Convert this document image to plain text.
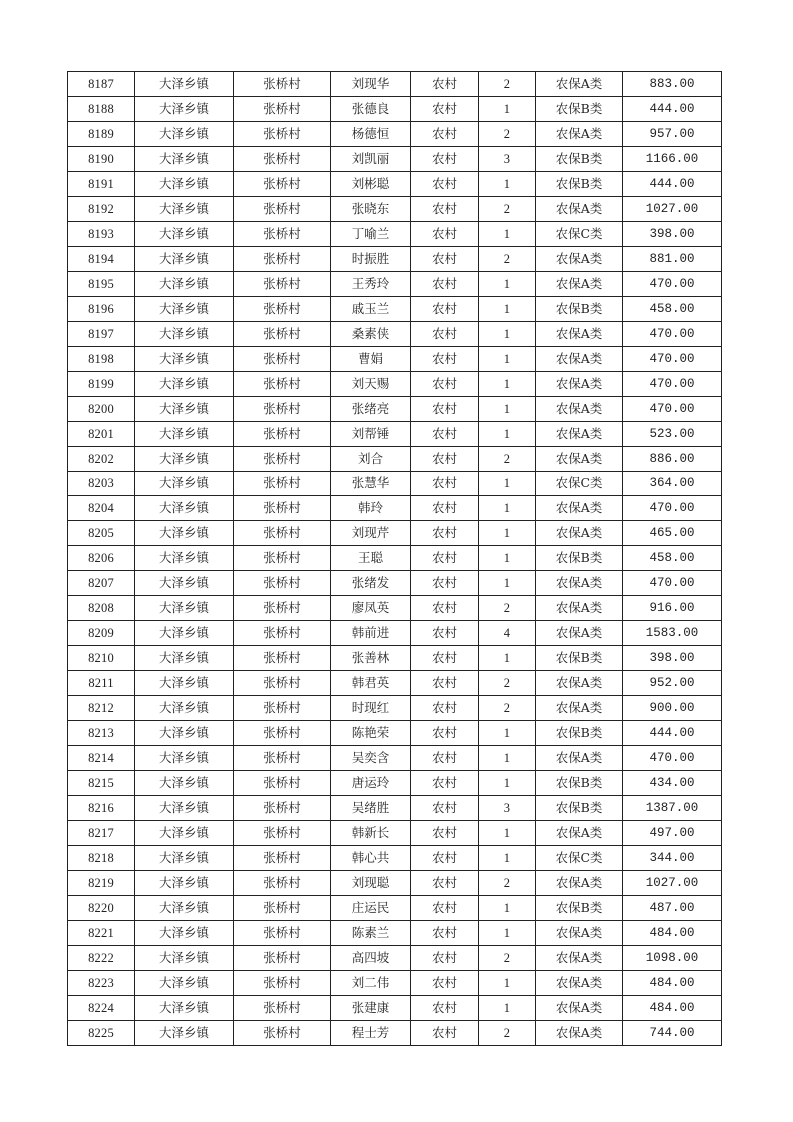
8187	大泽乡镇	张桥村	刘现华	农村	2	农保A类	883.00
8188	大泽乡镇	张桥村	张德良	农村	1	农保B类	444.00
8189	大泽乡镇	张桥村	杨德恒	农村	2	农保A类	957.00
8190	大泽乡镇	张桥村	刘凯丽	农村	3	农保B类	1166.00
8191	大泽乡镇	张桥村	刘彬聪	农村	1	农保B类	444.00
8192	大泽乡镇	张桥村	张晓东	农村	2	农保A类	1027.00
8193	大泽乡镇	张桥村	丁喻兰	农村	1	农保C类	398.00
8194	大泽乡镇	张桥村	时振胜	农村	2	农保A类	881.00
8195	大泽乡镇	张桥村	王秀玲	农村	1	农保A类	470.00
8196	大泽乡镇	张桥村	戚玉兰	农村	1	农保B类	458.00
8197	大泽乡镇	张桥村	桑素侠	农村	1	农保A类	470.00
8198	大泽乡镇	张桥村	曹娟	农村	1	农保A类	470.00
8199	大泽乡镇	张桥村	刘天赐	农村	1	农保A类	470.00
8200	大泽乡镇	张桥村	张绪亮	农村	1	农保A类	470.00
8201	大泽乡镇	张桥村	刘帮锤	农村	1	农保A类	523.00
8202	大泽乡镇	张桥村	刘合	农村	2	农保A类	886.00
8203	大泽乡镇	张桥村	张慧华	农村	1	农保C类	364.00
8204	大泽乡镇	张桥村	韩玲	农村	1	农保A类	470.00
8205	大泽乡镇	张桥村	刘现芹	农村	1	农保A类	465.00
8206	大泽乡镇	张桥村	王聪	农村	1	农保B类	458.00
8207	大泽乡镇	张桥村	张绪发	农村	1	农保A类	470.00
8208	大泽乡镇	张桥村	廖凤英	农村	2	农保A类	916.00
8209	大泽乡镇	张桥村	韩前进	农村	4	农保A类	1583.00
8210	大泽乡镇	张桥村	张善林	农村	1	农保B类	398.00
8211	大泽乡镇	张桥村	韩君英	农村	2	农保A类	952.00
8212	大泽乡镇	张桥村	时现红	农村	2	农保A类	900.00
8213	大泽乡镇	张桥村	陈艳荣	农村	1	农保B类	444.00
8214	大泽乡镇	张桥村	吴奕含	农村	1	农保A类	470.00
8215	大泽乡镇	张桥村	唐运玲	农村	1	农保B类	434.00
8216	大泽乡镇	张桥村	吴绪胜	农村	3	农保B类	1387.00
8217	大泽乡镇	张桥村	韩新长	农村	1	农保A类	497.00
8218	大泽乡镇	张桥村	韩心共	农村	1	农保C类	344.00
8219	大泽乡镇	张桥村	刘现聪	农村	2	农保A类	1027.00
8220	大泽乡镇	张桥村	庄运民	农村	1	农保B类	487.00
8221	大泽乡镇	张桥村	陈素兰	农村	1	农保A类	484.00
8222	大泽乡镇	张桥村	高四坡	农村	2	农保A类	1098.00
8223	大泽乡镇	张桥村	刘二伟	农村	1	农保A类	484.00
8224	大泽乡镇	张桥村	张建康	农村	1	农保A类	484.00
8225	大泽乡镇	张桥村	程士芳	农村	2	农保A类	744.00
